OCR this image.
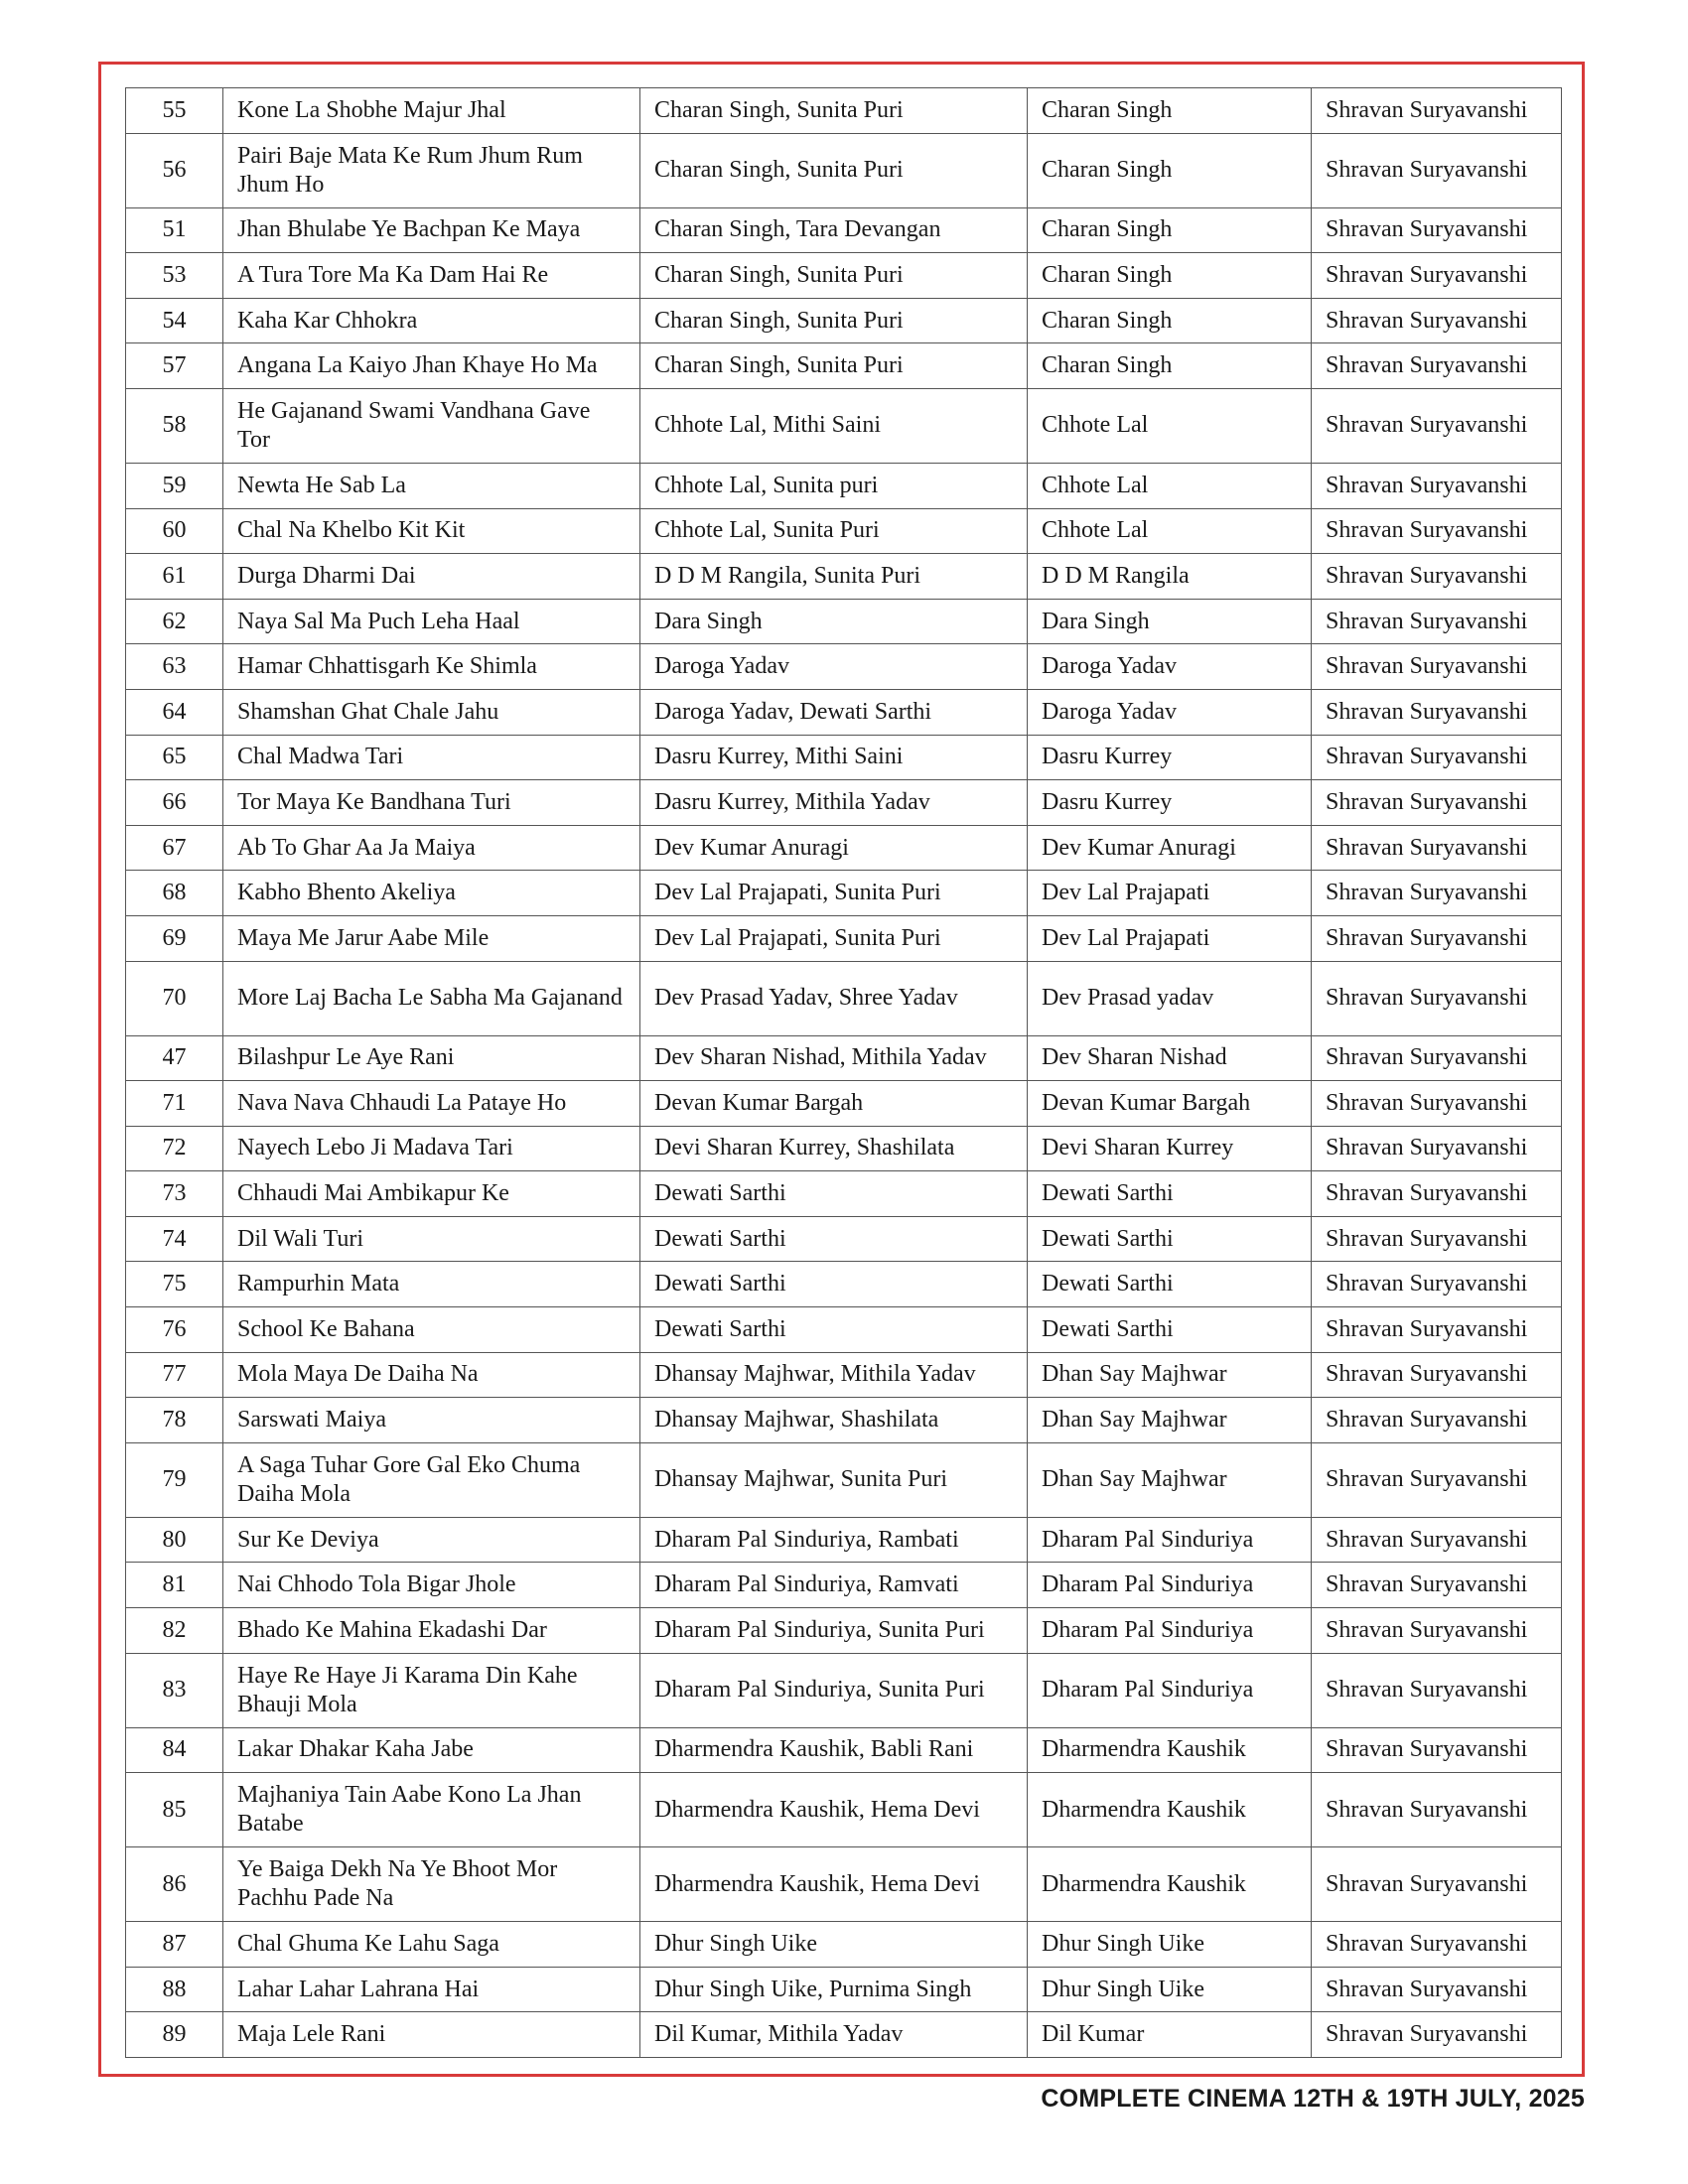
55	Kone La Shobhe Majur Jhal	Charan Singh, Sunita Puri	Charan Singh	Shravan Suryavanshi
56	Pairi Baje Mata Ke Rum Jhum Rum Jhum Ho	Charan Singh, Sunita Puri	Charan Singh	Shravan Suryavanshi
51	Jhan Bhulabe Ye Bachpan Ke Maya	Charan Singh, Tara Devangan	Charan Singh	Shravan Suryavanshi
53	A Tura Tore Ma Ka Dam Hai Re	Charan Singh, Sunita Puri	Charan Singh	Shravan Suryavanshi
54	Kaha Kar Chhokra	Charan Singh, Sunita Puri	Charan Singh	Shravan Suryavanshi
57	Angana La Kaiyo Jhan Khaye Ho Ma	Charan Singh, Sunita Puri	Charan Singh	Shravan Suryavanshi
58	He Gajanand Swami Vandhana Gave Tor	Chhote Lal, Mithi Saini	Chhote Lal	Shravan Suryavanshi
59	Newta He Sab La	Chhote Lal, Sunita puri	Chhote Lal	Shravan Suryavanshi
60	Chal Na Khelbo Kit Kit	Chhote Lal, Sunita Puri	Chhote Lal	Shravan Suryavanshi
61	Durga Dharmi Dai	D D M Rangila, Sunita Puri	D D M Rangila	Shravan Suryavanshi
62	Naya Sal Ma Puch Leha Haal	Dara Singh	Dara Singh	Shravan Suryavanshi
63	Hamar Chhattisgarh Ke Shimla	Daroga Yadav	Daroga Yadav	Shravan Suryavanshi
64	Shamshan Ghat Chale Jahu	Daroga Yadav, Dewati Sarthi	Daroga Yadav	Shravan Suryavanshi
65	Chal Madwa Tari	Dasru Kurrey, Mithi Saini	Dasru Kurrey	Shravan Suryavanshi
66	Tor Maya Ke Bandhana Turi	Dasru Kurrey, Mithila Yadav	Dasru Kurrey	Shravan Suryavanshi
67	Ab To Ghar Aa Ja Maiya	Dev Kumar Anuragi	Dev Kumar Anuragi	Shravan Suryavanshi
68	Kabho Bhento Akeliya	Dev Lal Prajapati, Sunita Puri	Dev Lal Prajapati	Shravan Suryavanshi
69	Maya Me Jarur Aabe Mile	Dev Lal Prajapati, Sunita Puri	Dev Lal Prajapati	Shravan Suryavanshi
70	More Laj Bacha Le Sabha Ma Gajanand	Dev Prasad Yadav, Shree Yadav	Dev Prasad yadav	Shravan Suryavanshi
47	Bilashpur Le Aye Rani	Dev Sharan Nishad, Mithila Yadav	Dev Sharan Nishad	Shravan Suryavanshi
71	Nava Nava Chhaudi La Pataye Ho	Devan Kumar Bargah	Devan Kumar Bargah	Shravan Suryavanshi
72	Nayech Lebo Ji Madava Tari	Devi Sharan Kurrey, Shashilata	Devi Sharan Kurrey	Shravan Suryavanshi
73	Chhaudi Mai Ambikapur Ke	Dewati Sarthi	Dewati Sarthi	Shravan Suryavanshi
74	Dil Wali Turi	Dewati Sarthi	Dewati Sarthi	Shravan Suryavanshi
75	Rampurhin Mata	Dewati Sarthi	Dewati Sarthi	Shravan Suryavanshi
76	School Ke Bahana	Dewati Sarthi	Dewati Sarthi	Shravan Suryavanshi
77	Mola Maya De Daiha Na	Dhansay Majhwar, Mithila Yadav	Dhan Say Majhwar	Shravan Suryavanshi
78	Sarswati Maiya	Dhansay Majhwar, Shashilata	Dhan Say Majhwar	Shravan Suryavanshi
79	A Saga Tuhar Gore Gal Eko Chuma Daiha Mola	Dhansay Majhwar, Sunita Puri	Dhan Say Majhwar	Shravan Suryavanshi
80	Sur Ke Deviya	Dharam Pal Sinduriya, Rambati	Dharam Pal Sinduriya	Shravan Suryavanshi
81	Nai Chhodo Tola Bigar Jhole	Dharam Pal Sinduriya, Ramvati	Dharam Pal Sinduriya	Shravan Suryavanshi
82	Bhado Ke Mahina Ekadashi Dar	Dharam Pal Sinduriya, Sunita Puri	Dharam Pal Sinduriya	Shravan Suryavanshi
83	Haye Re Haye Ji Karama Din Kahe Bhauji Mola	Dharam Pal Sinduriya, Sunita Puri	Dharam Pal Sinduriya	Shravan Suryavanshi
84	Lakar Dhakar Kaha Jabe	Dharmendra Kaushik, Babli Rani	Dharmendra Kaushik	Shravan Suryavanshi
85	Majhaniya Tain Aabe Kono La Jhan Batabe	Dharmendra Kaushik, Hema Devi	Dharmendra Kaushik	Shravan Suryavanshi
86	Ye Baiga Dekh Na Ye Bhoot Mor Pachhu Pade Na	Dharmendra Kaushik, Hema Devi	Dharmendra Kaushik	Shravan Suryavanshi
87	Chal Ghuma Ke Lahu Saga	Dhur Singh Uike	Dhur Singh Uike	Shravan Suryavanshi
88	Lahar Lahar Lahrana Hai	Dhur Singh Uike, Purnima Singh	Dhur Singh Uike	Shravan Suryavanshi
89	Maja Lele Rani	Dil Kumar, Mithila Yadav	Dil Kumar	Shravan Suryavanshi
COMPLETE CINEMA 12TH & 19TH JULY, 2025
